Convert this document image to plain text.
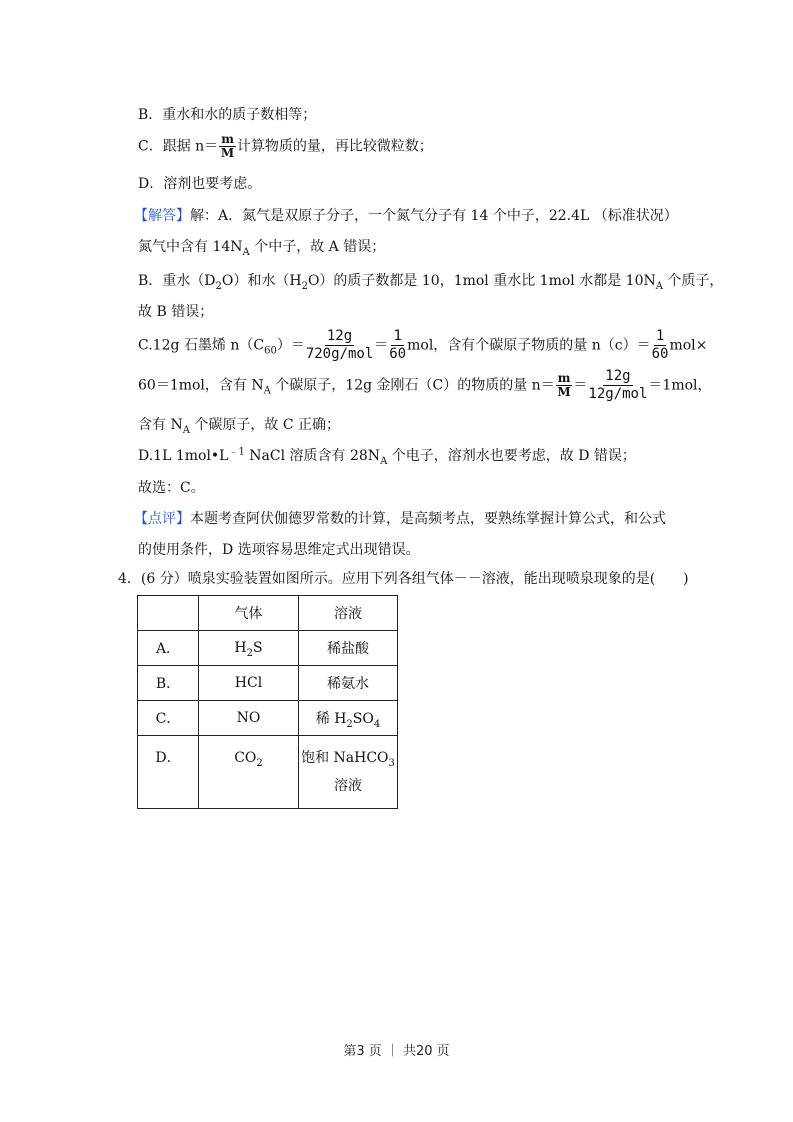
B．重水和水的质子数相等；
C．跟据 $n= \frac{m}{M}$ 计算物质的量，再比较微粒数；
D．溶剂也要考虑。
【解答】解：A．氮气是双原子分子，一个氮气分子有 14 个中子，22.4L （标准状况）
氮气中含有 $14N_A$ 个中子，故 A 错误；
B．重水$(D_2O)$和水$(H_2O)$的质子数都是 10，1mol 重水比 1mol 水都是 $10N_A$ 个质子，
故 B 错误；
C.12g 石墨烯 $n(C_{60})= \frac{12g}{\text{720g/mol}} = \frac{1}{60}$ mol，含有个碳原子物质的量 $n(c)= \frac{1}{60} mol\times$
60＝1mol，含有 $N_A$ 个碳原子，12g 金刚石（C）的物质的量 $n= \frac{m}{M} = \frac{12g}{\text{12g/mol}} =1mol$，
含有 $N_A$ 个碳原子，故 C 正确；
D.1L $1mol•L^{﹣1}$ NaCl 溶质含有 $28N_A$ 个电子，溶剂水也要考虑，故 D 错误；
故选：C。
【点评】本题考查阿伏伽德罗常数的计算，是高频考点，要熟练掌握计算公式，和公式
的使用条件，D 选项容易思维定式出现错误。
4．(6 分）喷泉实验装置如图所示。应用下列各组气体－－溶液，能出现喷泉现象的是(　　)
	气体	溶液
A．	$H_2S$	稀盐酸
B．	HCl	稀氨水
C．	NO	稀 $H_2SO_4$
D．	$CO_2$	饱和 NaHCO$_3$溶液
第3 页 ｜ 共20 页
